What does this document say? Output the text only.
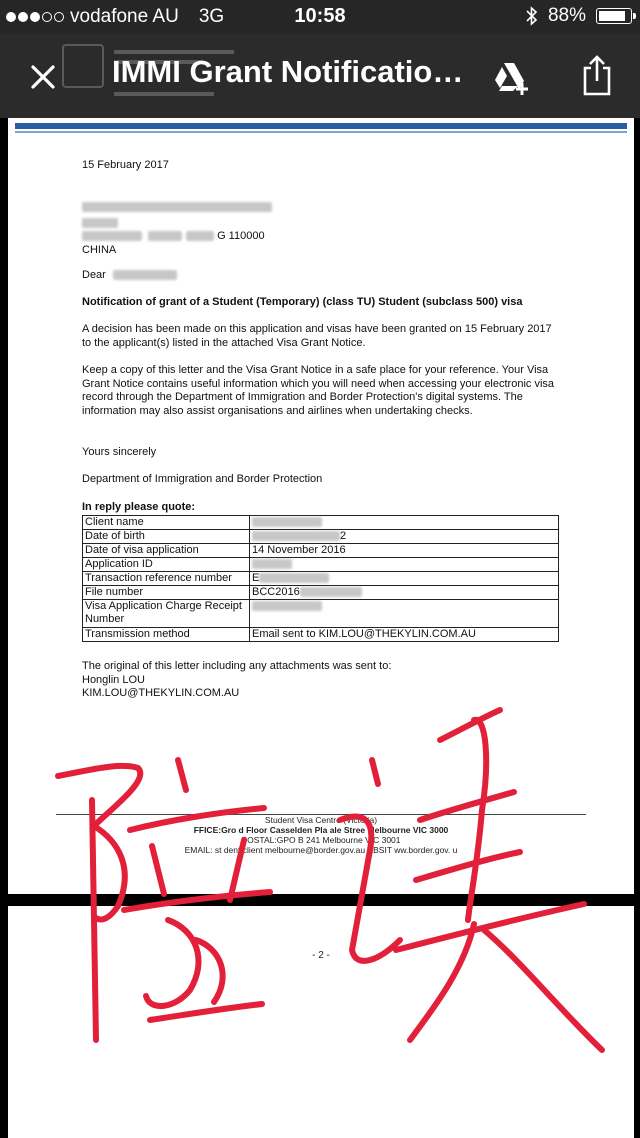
vodafone AU 3G	10:58	88%
IMMI Grant Notificatio…
15 February 2017
G 110000
CHINA
Dear
Notification of grant of a Student (Temporary) (class TU) Student (subclass 500) visa
A decision has been made on this application and visas have been granted on 15 February 2017 to the applicant(s) listed in the attached Visa Grant Notice.
Keep a copy of this letter and the Visa Grant Notice in a safe place for your reference. Your Visa Grant Notice contains useful information which you will need when accessing your electronic visa record through the Department of Immigration and Border Protection's digital systems. The information may also assist organisations and airlines when undertaking checks.
Yours sincerely
Department of Immigration and Border Protection
In reply please quote:
Client name	
Date of birth	2
Date of visa application	14 November 2016
Application ID	
Transaction reference number	E
File number	BCC2016
Visa Application Charge Receipt Number	
Transmission method	Email sent to KIM.LOU@THEKYLIN.COM.AU
The original of this letter including any attachments was sent to:
Honglin LOU
KIM.LOU@THEKYLIN.COM.AU
Student Visa Centre (Victoria)
FFICE:Gro d Floor Casselden Pla ale Stree Melbourne VIC 3000
POSTAL:GPO B 241 Melbourne VIC 3001
EMAIL: st dent.client melbourne@border.gov.au EBSIT ww.border.gov. u
- 2 -
